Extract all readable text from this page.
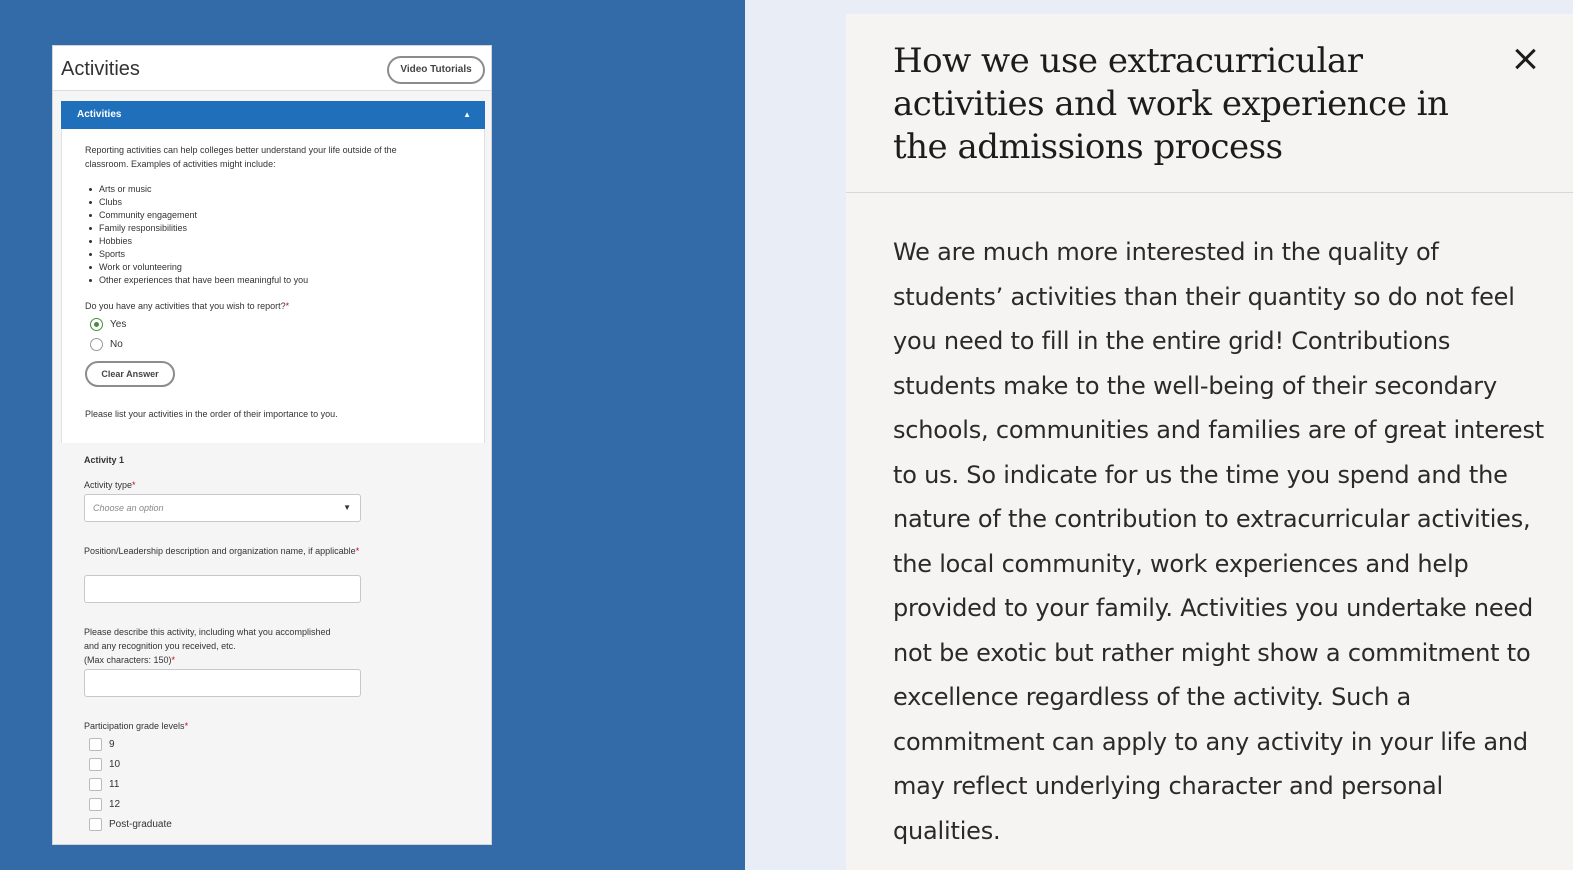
Activities	Video Tutorials
Activities	▲
Reporting activities can help colleges better understand your life outside of the classroom. Examples of activities might include:
Arts or music
Clubs
Community engagement
Family responsibilities
Hobbies
Sports
Work or volunteering
Other experiences that have been meaningful to you
Do you have any activities that you wish to report?*
Yes
No
Clear Answer
Please list your activities in the order of their importance to you.
Activity 1
Activity type*
Choose an option	▼
Position/Leadership description and organization name, if applicable*
Please describe this activity, including what you accomplished
and any recognition you received, etc.
(Max characters: 150)*
Participation grade levels*
9
10
11
12
Post-graduate
How we use extracurricular activities and work experience in the admissions process
We are much more interested in the quality of students’ activities than their quantity so do not feel you need to fill in the entire grid! Contributions students make to the well-being of their secondary schools, communities and families are of great interest to us. So indicate for us the time you spend and the nature of the contribution to extracurricular activities, the local community, work experiences and help provided to your family. Activities you undertake need not be exotic but rather might show a commitment to excellence regardless of the activity. Such a commitment can apply to any activity in your life and may reflect underlying character and personal qualities.
